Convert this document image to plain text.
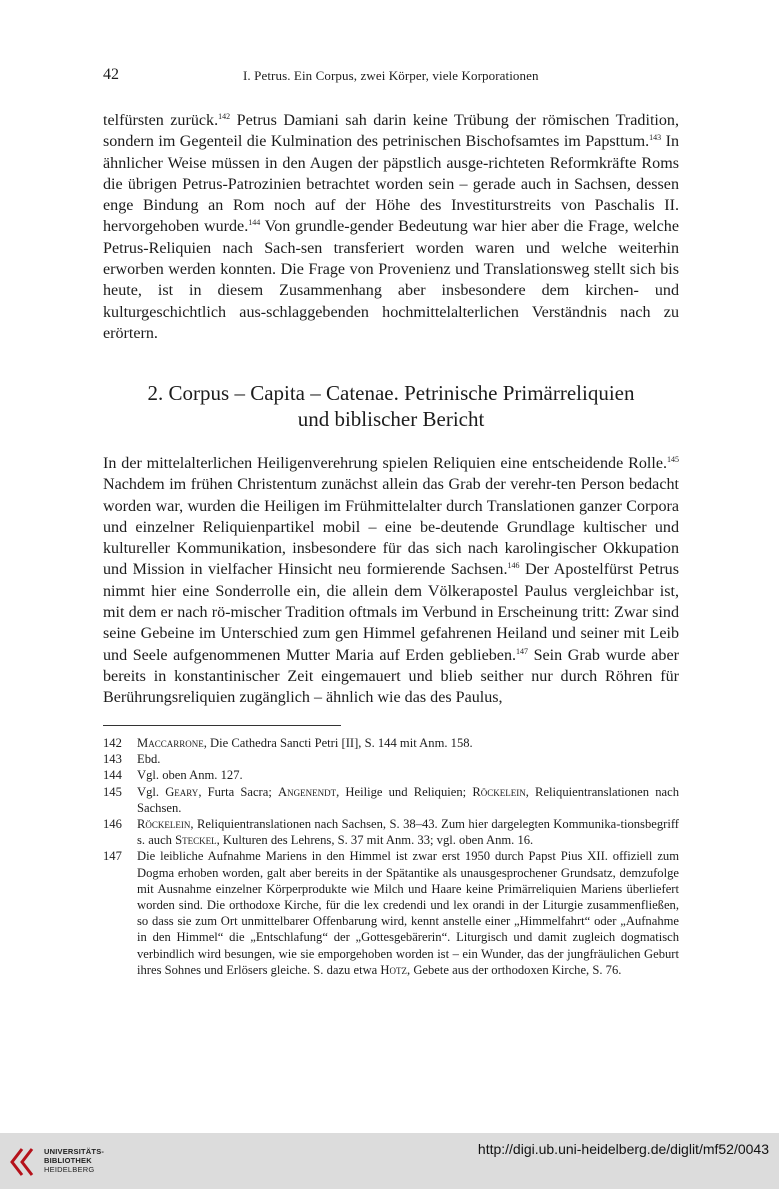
42	I. Petrus. Ein Corpus, zwei Körper, viele Korporationen

telfürsten zurück.$^{142}$ Petrus Damiani sah darin keine Trübung der römischen Tradition, sondern im Gegenteil die Kulmination des petrinischen Bischofsamtes im Papsttum.$^{143}$ In ähnlicher Weise müssen in den Augen der päpstlich ausge-richteten Reformkräfte Roms die übrigen Petrus-Patrozinien betrachtet worden sein – gerade auch in Sachsen, dessen enge Bindung an Rom noch auf der Höhe des Investiturstreits von Paschalis II. hervorgehoben wurde.$^{144}$ Von grundle-gender Bedeutung war hier aber die Frage, welche Petrus-Reliquien nach Sach-sen transferiert worden waren und welche weiterhin erworben werden konnten. Die Frage von Provenienz und Translationsweg stellt sich bis heute, ist in diesem Zusammenhang aber insbesondere dem kirchen- und kulturgeschichtlich aus-schlaggebenden hochmittelalterlichen Verständnis nach zu erörtern.

2. Corpus – Capita – Catenae. Petrinische Primärreliquien
und biblischer Bericht

In der mittelalterlichen Heiligenverehrung spielen Reliquien eine entscheidende Rolle.$^{145}$ Nachdem im frühen Christentum zunächst allein das Grab der verehr-ten Person bedacht worden war, wurden die Heiligen im Frühmittelalter durch Translationen ganzer Corpora und einzelner Reliquienpartikel mobil – eine be-deutende Grundlage kultischer und kultureller Kommunikation, insbesondere für das sich nach karolingischer Okkupation und Mission in vielfacher Hinsicht neu formierende Sachsen.$^{146}$ Der Apostelfürst Petrus nimmt hier eine Sonderrolle ein, die allein dem Völkerapostel Paulus vergleichbar ist, mit dem er nach rö-mischer Tradition oftmals im Verbund in Erscheinung tritt: Zwar sind seine Gebeine im Unterschied zum gen Himmel gefahrenen Heiland und seiner mit Leib und Seele aufgenommenen Mutter Maria auf Erden geblieben.$^{147}$ Sein Grab wurde aber bereits in konstantinischer Zeit eingemauert und blieb seither nur durch Röhren für Berührungsreliquien zugänglich – ähnlich wie das des Paulus,

142	Maccarrone, Die Cathedra Sancti Petri [II], S. 144 mit Anm. 158.

143	Ebd.

144	Vgl. oben Anm. 127.

145	Vgl. Geary, Furta Sacra; Angenendt, Heilige und Reliquien; Röckelein, Reliquientranslationen nach Sachsen.

146	Röckelein, Reliquientranslationen nach Sachsen, S. 38–43. Zum hier dargelegten Kommunika-tionsbegriff s. auch Steckel, Kulturen des Lehrens, S. 37 mit Anm. 33; vgl. oben Anm. 16.

147	Die leibliche Aufnahme Mariens in den Himmel ist zwar erst 1950 durch Papst Pius XII. offiziell zum Dogma erhoben worden, galt aber bereits in der Spätantike als unausgesprochener Grundsatz, demzufolge mit Ausnahme einzelner Körperprodukte wie Milch und Haare keine Primärreliquien Mariens überliefert worden sind. Die orthodoxe Kirche, für die lex credendi und lex orandi in der Liturgie zusammenfließen, so dass sie zum Ort unmittelbarer Offenbarung wird, kennt anstelle einer „Himmelfahrt“ oder „Aufnahme in den Himmel“ die „Entschlafung“ der „Gottesgebärerin“. Liturgisch und damit zugleich dogmatisch verbindlich wird besungen, wie sie emporgehoben worden ist – ein Wunder, das der jungfräulichen Geburt ihres Sohnes und Erlösers gleiche. S. dazu etwa Hotz, Gebete aus der orthodoxen Kirche, S. 76.

UNIVERSITÄTS-
BIBLIOTHEK
HEIDELBERG
http://digi.ub.uni-heidelberg.de/diglit/mf52/0043
